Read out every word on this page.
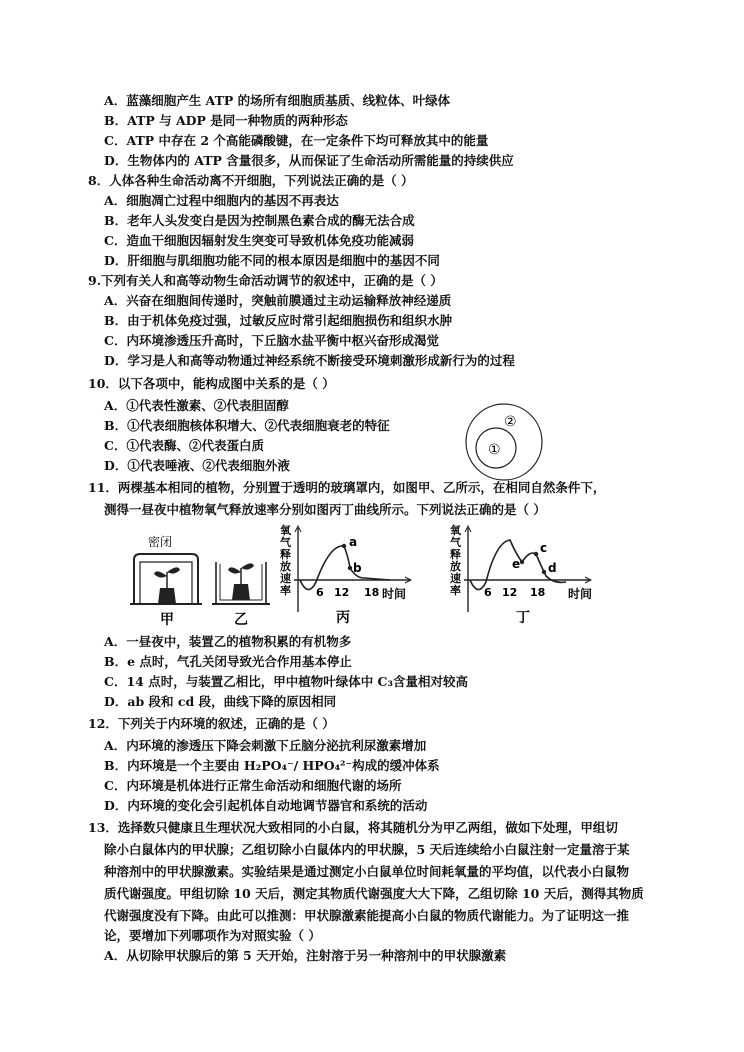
A．蓝藻细胞产生 ATP 的场所有细胞质基质、线粒体、叶绿体
B．ATP 与 ADP 是同一种物质的两种形态
C．ATP 中存在 2 个高能磷酸键，在一定条件下均可释放其中的能量
D．生物体内的 ATP 含量很多，从而保证了生命活动所需能量的持续供应
8．人体各种生命活动离不开细胞，下列说法正确的是（ ）
A．细胞凋亡过程中细胞内的基因不再表达
B．老年人头发变白是因为控制黑色素合成的酶无法合成
C．造血干细胞因辐射发生突变可导致机体免疫功能减弱
D．肝细胞与肌细胞功能不同的根本原因是细胞中的基因不同
9.下列有关人和高等动物生命活动调节的叙述中，正确的是（ ）
A．兴奋在细胞间传递时，突触前膜通过主动运输释放神经递质
B．由于机体免疫过强，过敏反应时常引起细胞损伤和组织水肿
C．内环境渗透压升高时，下丘脑水盐平衡中枢兴奋形成渴觉
D．学习是人和高等动物通过神经系统不断接受环境刺激形成新行为的过程
10．以下各项中，能构成图中关系的是（ ）
A．①代表性激素、②代表胆固醇
B．①代表细胞核体积增大、②代表细胞衰老的特征
C．①代表酶、②代表蛋白质
D．①代表唾液、②代表细胞外液
11．两棵基本相同的植物，分别置于透明的玻璃罩内，如图甲、乙所示，在相同自然条件下，
测得一昼夜中植物氧气释放速率分别如图丙丁曲线所示。下列说法正确的是（ ）
A．一昼夜中，装置乙的植物积累的有机物多
B．e 点时，气孔关闭导致光合作用基本停止
C．14 点时，与装置乙相比，甲中植物叶绿体中 C₃含量相对较高
D．ab 段和 cd 段，曲线下降的原因相同
12．下列关于内环境的叙述，正确的是（ ）
A．内环境的渗透压下降会刺激下丘脑分泌抗利尿激素增加
B．内环境是一个主要由 H₂PO₄⁻/ HPO₄²⁻构成的缓冲体系
C．内环境是机体进行正常生命活动和细胞代谢的场所
D．内环境的变化会引起机体自动地调节器官和系统的活动
13．选择数只健康且生理状况大致相同的小白鼠，将其随机分为甲乙两组，做如下处理，甲组切
除小白鼠体内的甲状腺；乙组切除小白鼠体内的甲状腺，5 天后连续给小白鼠注射一定量溶于某
种溶剂中的甲状腺激素。实验结果是通过测定小白鼠单位时间耗氧量的平均值，以代表小白鼠物
质代谢强度。甲组切除 10 天后，测定其物质代谢强度大大下降，乙组切除 10 天后，测得其物质
代谢强度没有下降。由此可以推测：甲状腺激素能提高小白鼠的物质代谢能力。为了证明这一推
论，要增加下列哪项作为对照实验（ ）
A．从切除甲状腺后的第 5 天开始，注射溶于另一种溶剂中的甲状腺激素
①
②
密闭
甲	乙
氧气释放速率
a
b
6 12 18 时间
丙
氧气释放速率
e
c
d
6 12 18 时间
丁
